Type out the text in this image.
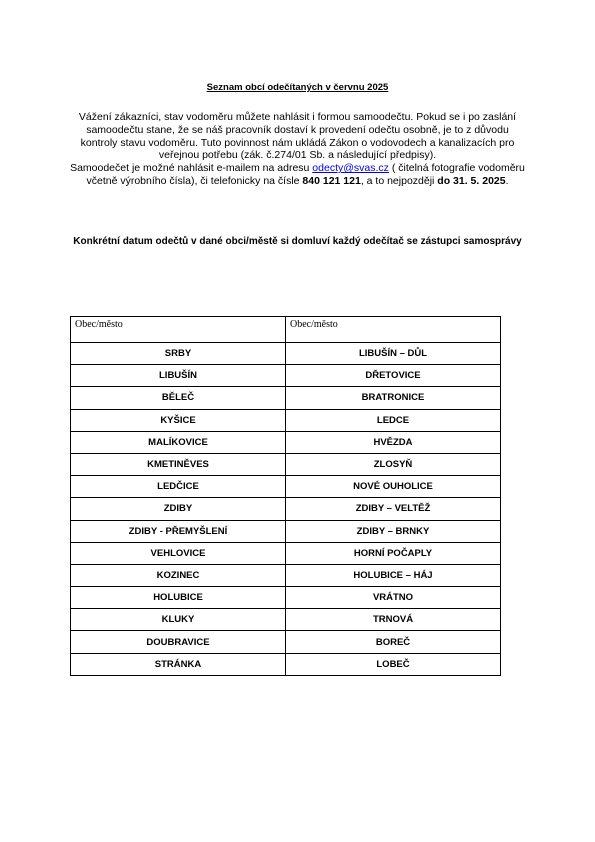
Seznam obcí odečítaných v červnu 2025
Vážení zákazníci, stav vodoměru můžete nahlásit i formou samoodečtu. Pokud se i po zaslání samoodečtu stane, že se náš pracovník dostaví k provedení odečtu osobně, je to z důvodu kontroly stavu vodoměru. Tuto povinnost nám ukládá Zákon o vodovodech a kanalizacích pro veřejnou potřebu (zák. č.274/01 Sb. a následující předpisy).
Samoodečet je možné nahlásit e-mailem na adresu odecty@svas.cz ( čitelná fotografie vodoměru včetně výrobního čísla), či telefonicky na čísle 840 121 121, a to nejpozději do 31. 5. 2025.
Konkrétní datum odečtů v dané obci/městě si domluví každý odečítač se zástupci samosprávy
Obec/město	Obec/město
SRBY	LIBUŠÍN – DŮL
LIBUŠÍN	DŘETOVICE
BĚLEČ	BRATRONICE
KYŠICE	LEDCE
MALÍKOVICE	HVĚZDA
KMETINĚVES	ZLOSYŇ
LEDČICE	NOVÉ OUHOLICE
ZDIBY	ZDIBY – VELTĚŽ
ZDIBY - PŘEMYŠLENÍ	ZDIBY – BRNKY
VEHLOVICE	HORNÍ POČAPLY
KOZINEC	HOLUBICE – HÁJ
HOLUBICE	VRÁTNO
KLUKY	TRNOVÁ
DOUBRAVICE	BOREČ
STRÁNKA	LOBEČ
